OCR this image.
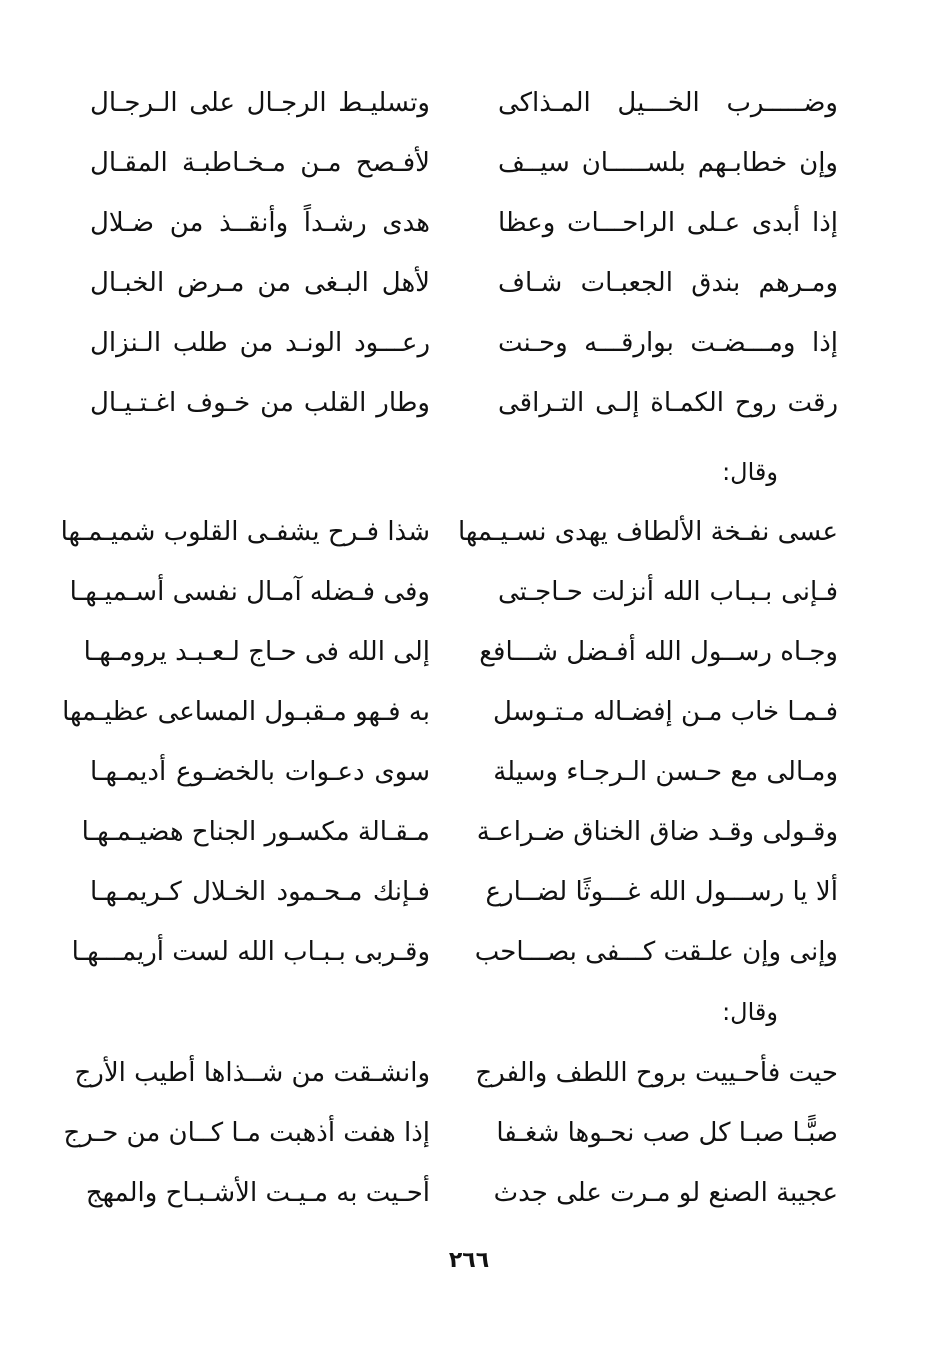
وضـــــرب الخـــيل المـذاكى
وتسليـط الرجـال على الـرجـال
وإن خطابـهم بلســـــان سيــف
لأفـصح مـن مـخـاطبـة المقـال
إذا أبدى عـلى الراحـــات وعظا
هدى رشـداً وأنقــذ من ضـلال
ومـرهم بندق الجعبـات شـاف
لأهل البـغى من مـرض الخبـال
إذا ومـــضـت بوارقـــه وحـنت
رعـــود الونـد من طلب الـنزال
رقت روح الكمـاة إلـى التـراقى
وطار القلب من خـوف اغـتـيـال
وقال:
عسى نفـخة الألطاف يهدى نسـيـمها
شذا فـرح يشفـى القلوب شميـمـها
فـإنى بـبـاب الله أنزلت حـاجـتى
وفى فـضله آمـال نفسى أسـميـهـا
وجـاه رســول الله أفـضل شـــافع
إلى الله فى حـاج لـعـبـد يرومـهـا
فـمـا خاب مـن إفضـاله مـتـوسل
به فـهو مـقبـول المساعى عظيـمها
ومـالى مع حـسن الـرجـاء وسيلة
سوى دعـوات بالخضـوع أديمـهـا
وقـولى وقـد ضاق الخناق ضـراعـة
مـقـالة مكسـور الجناح هضيـمـهـا
ألا يا رســـول الله غـــوثًا لضــارع
فـإنك مـحـمود الخـلال كـريمـهـا
وإنى وإن علـقت كـــفى بصـــاحب
وقـربى بـبـاب الله لست أريمـــهـا
وقال:
حيت فأحـييت بروح اللطف والفرج
وانشـقت من شــذاها أطيب الأرج
صبًّـا صبـا كل صب نحـوها شغـفا
إذا هفت أذهبت مـا كــان من حـرج
عجيبة الصنع لو مـرت على جدث
أحـيت به مـيـت الأشـبـاح والمهج
٢٦٦
